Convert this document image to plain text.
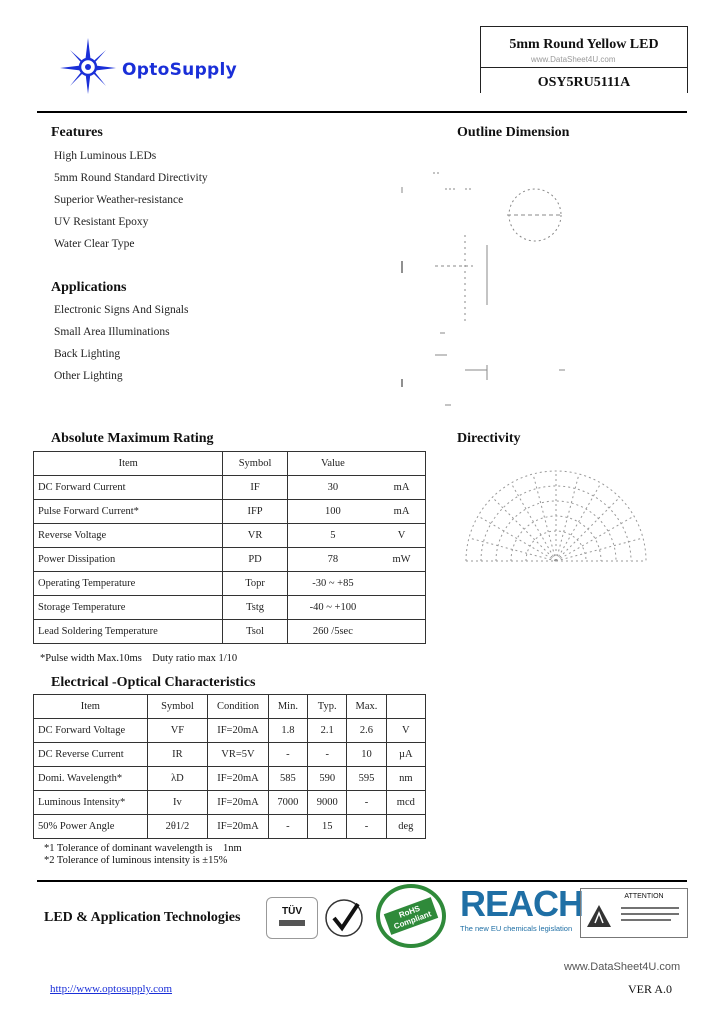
OptoSupply
5mm Round Yellow LED
www.DataSheet4U.com
OSY5RU5111A
Features
High Luminous LEDs
5mm Round Standard Directivity
Superior Weather-resistance
UV Resistant Epoxy
Water Clear Type
Applications
Electronic Signs And Signals
Small Area Illuminations
Back Lighting
Other Lighting
Outline Dimension
Absolute Maximum Rating
Item	Symbol	Value	
DC Forward Current	IF	30	mA
Pulse Forward Current*	IFP	100	mA
Reverse Voltage	VR	5	V
Power Dissipation	PD	78	mW
Operating Temperature	Topr	-30 ~ +85	
Storage Temperature	Tstg	-40 ~ +100	
Lead Soldering Temperature	Tsol	260 /5sec	
*Pulse width Max.10ms    Duty ratio max 1/10
Directivity
Electrical -Optical Characteristics
Item	Symbol	Condition	Min.	Typ.	Max.	
DC Forward Voltage	VF	IF=20mA	1.8	2.1	2.6	V
DC Reverse Current	IR	VR=5V	-	-	10	µA
Domi. Wavelength*	λD	IF=20mA	585	590	595	nm
Luminous Intensity*	Iv	IF=20mA	7000	9000	-	mcd
50% Power Angle	2θ1/2	IF=20mA	-	15	-	deg
*1 Tolerance of dominant wavelength is    1nm
*2 Tolerance of luminous intensity is ±15%
LED & Application Technologies	TÜV	RoHS Compliant REACH
The new EU chemicals legislation
ATTENTION
www.DataSheet4U.com
http://www.optosupply.com	VER A.0
